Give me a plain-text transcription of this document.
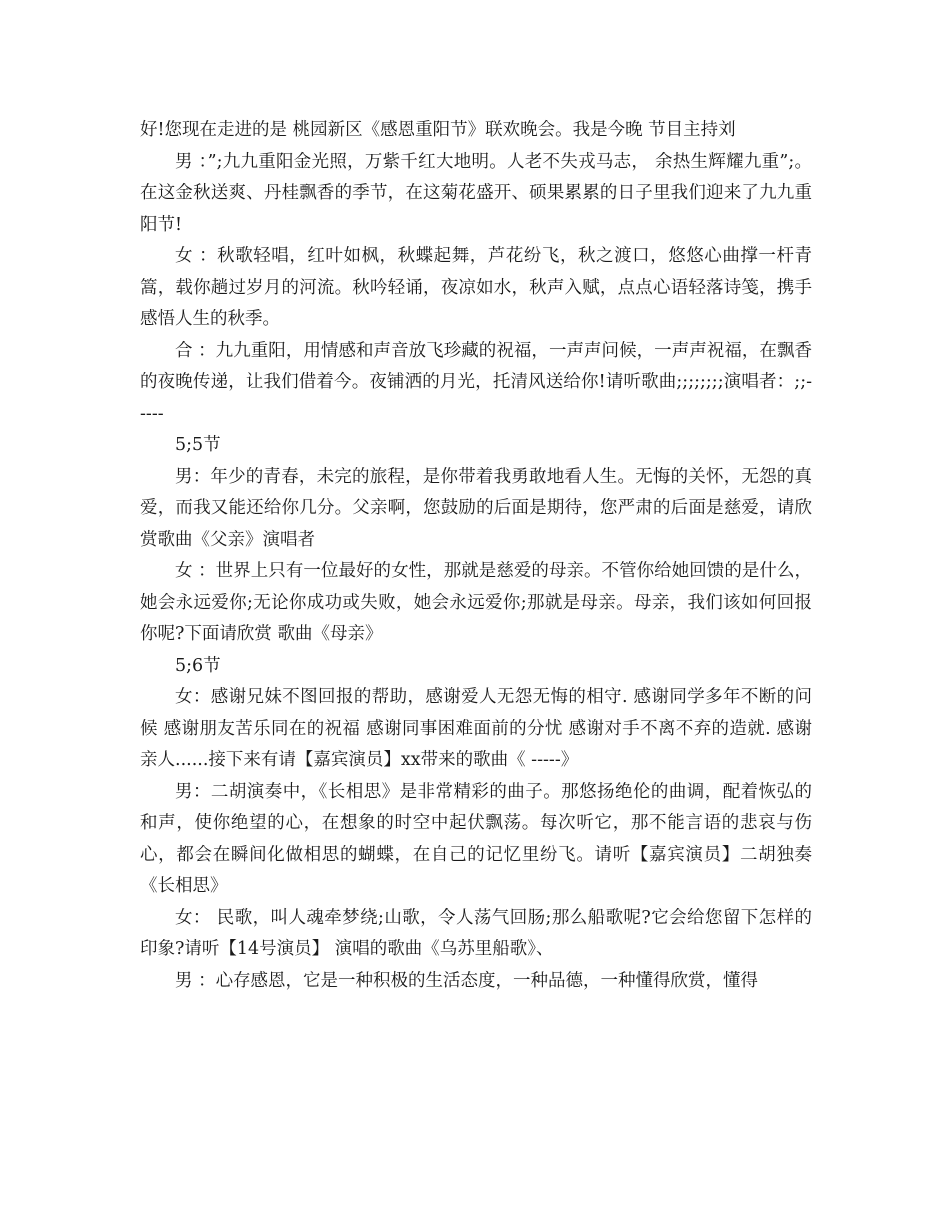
好!您现在走进的是 桃园新区《感恩重阳节》联欢晚会。我是今晚 节目主持刘

男 ：”;九九重阳金光照，万紫千红大地明。人老不失戎马志， 余热生辉耀九重”;。在这金秋送爽、丹桂飘香的季节，在这菊花盛开、硕果累累的日子里我们迎来了九九重阳节!

女 ：秋歌轻唱，红叶如枫，秋蝶起舞，芦花纷飞，秋之渡口，悠悠心曲撑一杆青篙，载你趟过岁月的河流。秋吟轻诵，夜凉如水，秋声入赋，点点心语轻落诗笺，携手感悟人生的秋季。

合 ：九九重阳，用情感和声音放飞珍藏的祝福，一声声问候，一声声祝福，在飘香的夜晚传递，让我们借着今。夜铺洒的月光，托清风送给你!请听歌曲;;;;;;;;演唱者：;;-----

5;5节

男：年少的青春，未完的旅程，是你带着我勇敢地看人生。无悔的关怀，无怨的真爱，而我又能还给你几分。父亲啊，您鼓励的后面是期待，您严肃的后面是慈爱，请欣赏歌曲《父亲》演唱者

女 ：世界上只有一位最好的女性，那就是慈爱的母亲。不管你给她回馈的是什么，她会永远爱你;无论你成功或失败，她会永远爱你;那就是母亲。母亲，我们该如何回报你呢?下面请欣赏 歌曲《母亲》

5;6节

女：感谢兄妹不图回报的帮助，感谢爱人无怨无悔的相守. 感谢同学多年不断的问候 感谢朋友苦乐同在的祝福 感谢同事困难面前的分忧 感谢对手不离不弃的造就. 感谢亲人......接下来有请【嘉宾演员】xx带来的歌曲《 -----》

男：二胡演奏中，《长相思》是非常精彩的曲子。那悠扬绝伦的曲调，配着恢弘的和声，使你绝望的心，在想象的时空中起伏飘荡。每次听它，那不能言语的悲哀与伤心，都会在瞬间化做相思的蝴蝶，在自己的记忆里纷飞。请听【嘉宾演员】二胡独奏 《长相思》

女： 民歌，叫人魂牵梦绕;山歌，令人荡气回肠;那么船歌呢?它会给您留下怎样的印象?请听【14号演员】 演唱的歌曲《乌苏里船歌》、

男 ：心存感恩，它是一种积极的生活态度，一种品德，一种懂得欣赏，懂得
